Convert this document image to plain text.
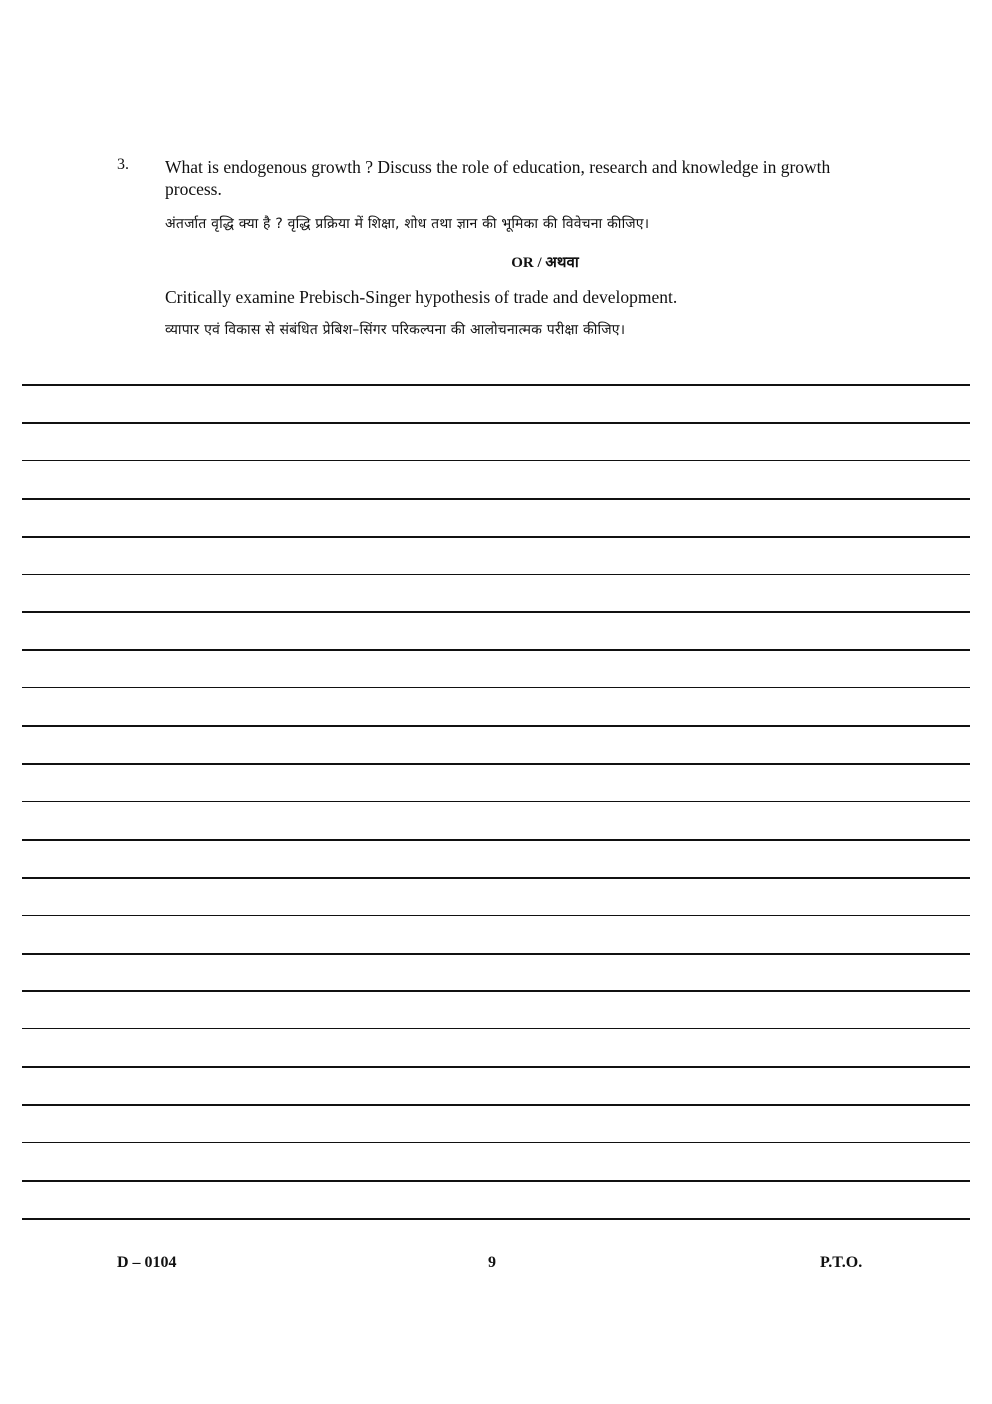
3. What is endogenous growth ? Discuss the role of education, research and knowledge in growth process.

अंतर्जात वृद्धि क्या है ? वृद्धि प्रक्रिया में शिक्षा, शोध तथा ज्ञान की भूमिका की विवेचना कीजिए।

OR / अथवा

Critically examine Prebisch-Singer hypothesis of trade and development.

व्यापार एवं विकास से संबंधित प्रेबिश–सिंगर परिकल्पना की आलोचनात्मक परीक्षा कीजिए।

D – 0104	9	P.T.O.
